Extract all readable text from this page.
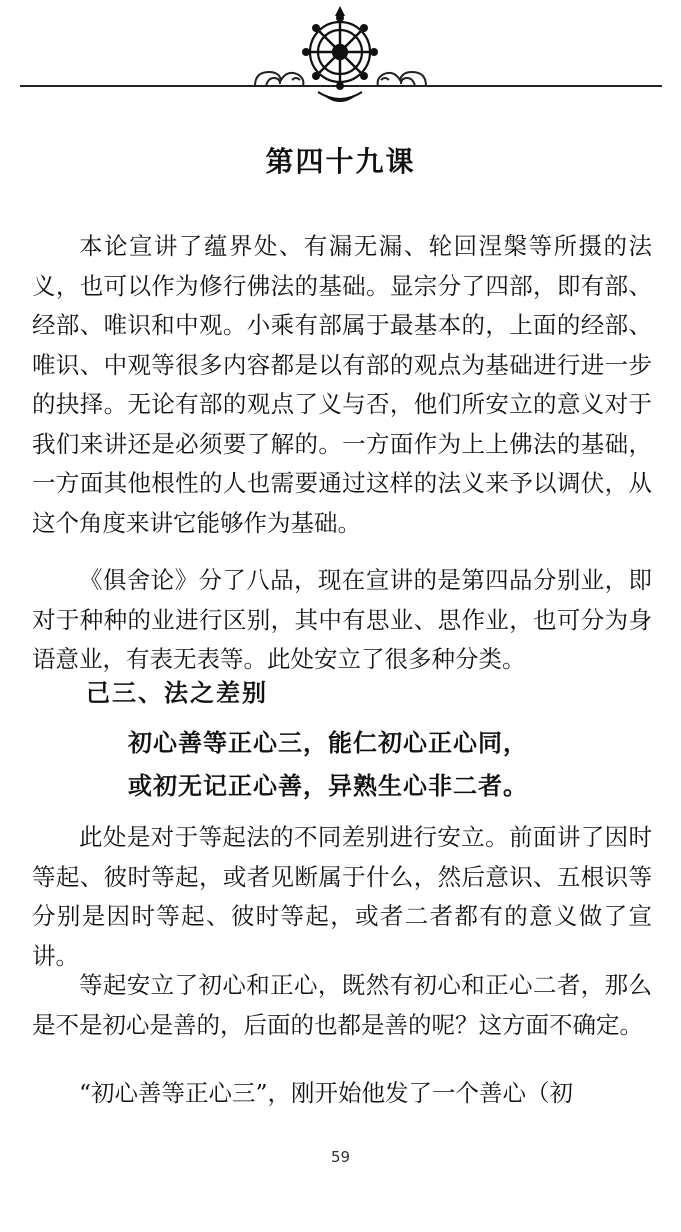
第四十九课

本论宣讲了蕴界处、有漏无漏、轮回涅槃等所摄的法义，也可以作为修行佛法的基础。显宗分了四部，即有部、经部、唯识和中观。小乘有部属于最基本的，上面的经部、唯识、中观等很多内容都是以有部的观点为基础进行进一步的抉择。无论有部的观点了义与否，他们所安立的意义对于我们来讲还是必须要了解的。一方面作为上上佛法的基础，一方面其他根性的人也需要通过这样的法义来予以调伏，从这个角度来讲它能够作为基础。

《俱舍论》分了八品，现在宣讲的是第四品分别业，即对于种种的业进行区别，其中有思业、思作业，也可分为身语意业，有表无表等。此处安立了很多种分类。

己三、法之差别
初心善等正心三，能仁初心正心同，
或初无记正心善，异熟生心非二者。

此处是对于等起法的不同差别进行安立。前面讲了因时等起、彼时等起，或者见断属于什么，然后意识、五根识等分别是因时等起、彼时等起，或者二者都有的意义做了宣讲。

等起安立了初心和正心，既然有初心和正心二者，那么是不是初心是善的，后面的也都是善的呢？这方面不确定。

“初心善等正心三”，刚开始他发了一个善心（初

59
